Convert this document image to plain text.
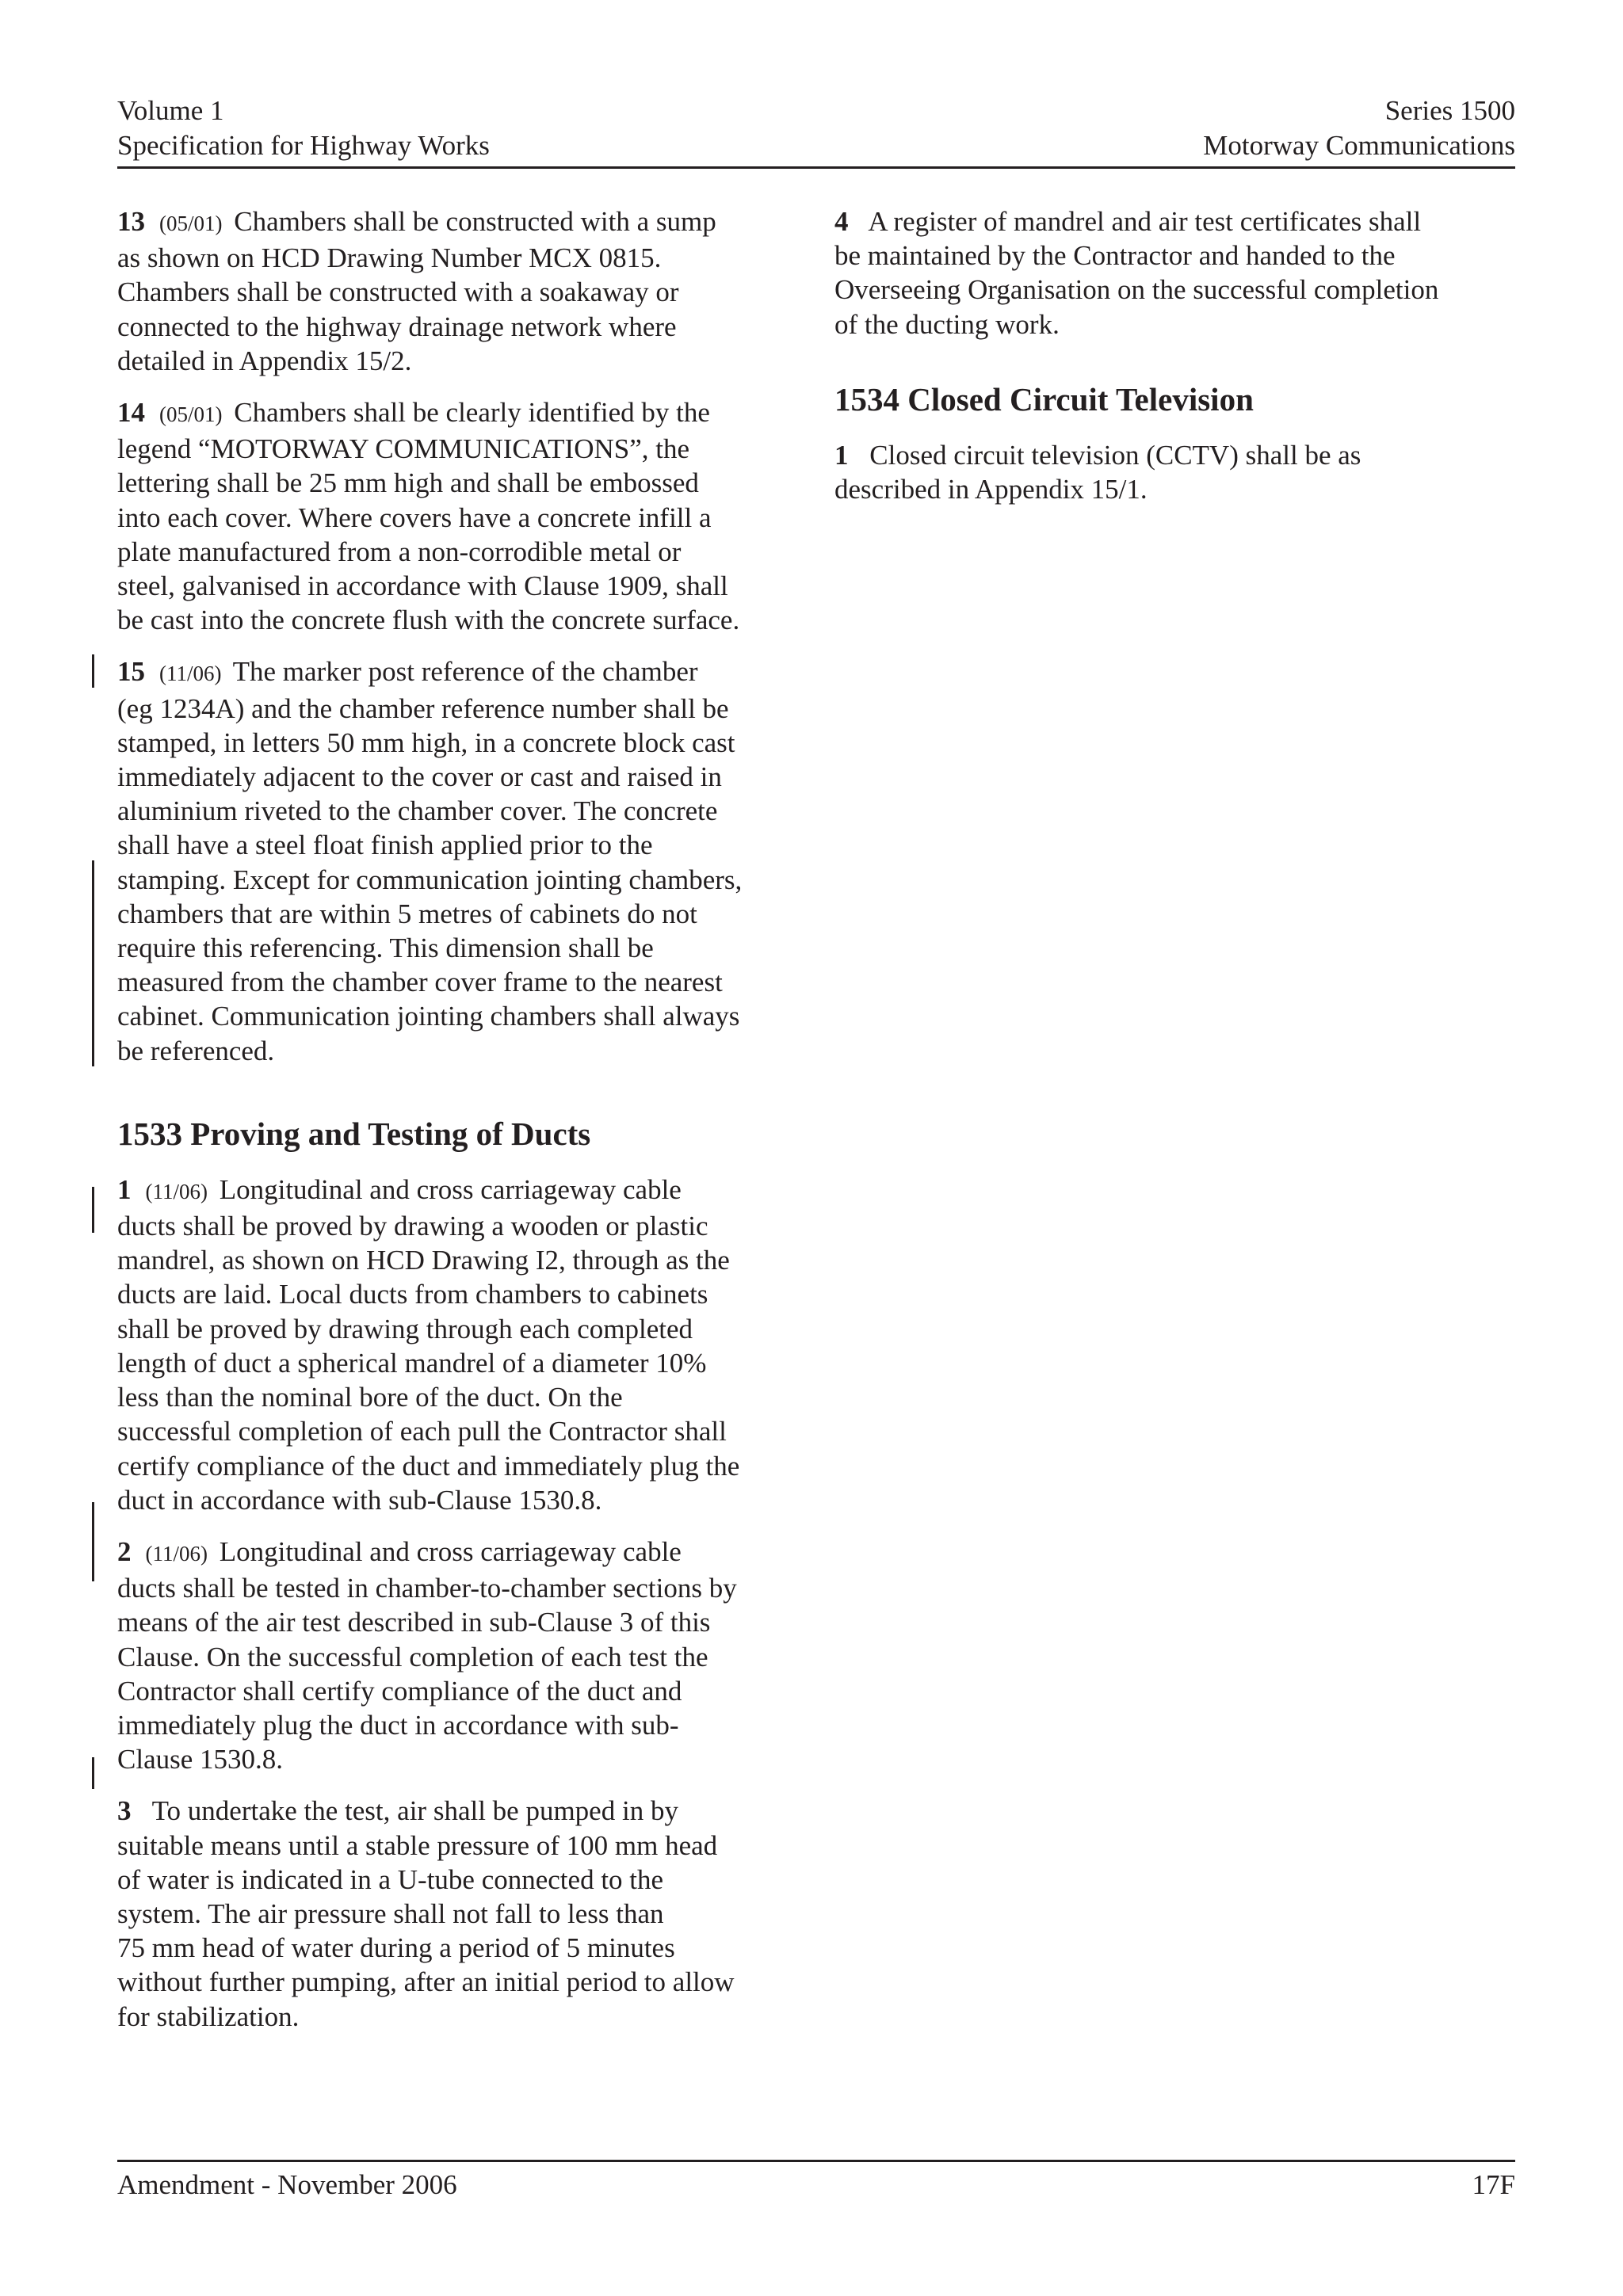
Volume 1
Specification for Highway Works
Series 1500
Motorway Communications
13 (05/01) Chambers shall be constructed with a sump
as shown on HCD Drawing Number MCX 0815.
Chambers shall be constructed with a soakaway or
connected to the highway drainage network where
detailed in Appendix 15/2.
14 (05/01) Chambers shall be clearly identified by the
legend “MOTORWAY COMMUNICATIONS”, the
lettering shall be 25 mm high and shall be embossed
into each cover. Where covers have a concrete infill a
plate manufactured from a non-corrodible metal or
steel, galvanised in accordance with Clause 1909, shall
be cast into the concrete flush with the concrete surface.
15 (11/06) The marker post reference of the chamber
(eg 1234A) and the chamber reference number shall be
stamped, in letters 50 mm high, in a concrete block cast
immediately adjacent to the cover or cast and raised in
aluminium riveted to the chamber cover. The concrete
shall have a steel float finish applied prior to the
stamping. Except for communication jointing chambers,
chambers that are within 5 metres of cabinets do not
require this referencing. This dimension shall be
measured from the chamber cover frame to the nearest
cabinet. Communication jointing chambers shall always
be referenced.
1533 Proving and Testing of Ducts
1 (11/06) Longitudinal and cross carriageway cable
ducts shall be proved by drawing a wooden or plastic
mandrel, as shown on HCD Drawing I2, through as the
ducts are laid. Local ducts from chambers to cabinets
shall be proved by drawing through each completed
length of duct a spherical mandrel of a diameter 10%
less than the nominal bore of the duct. On the
successful completion of each pull the Contractor shall
certify compliance of the duct and immediately plug the
duct in accordance with sub-Clause 1530.8.
2 (11/06) Longitudinal and cross carriageway cable
ducts shall be tested in chamber-to-chamber sections by
means of the air test described in sub-Clause 3 of this
Clause. On the successful completion of each test the
Contractor shall certify compliance of the duct and
immediately plug the duct in accordance with sub-
Clause 1530.8.
3 To undertake the test, air shall be pumped in by
suitable means until a stable pressure of 100 mm head
of water is indicated in a U-tube connected to the
system. The air pressure shall not fall to less than
75 mm head of water during a period of 5 minutes
without further pumping, after an initial period to allow
for stabilization.
4 A register of mandrel and air test certificates shall
be maintained by the Contractor and handed to the
Overseeing Organisation on the successful completion
of the ducting work.
1534 Closed Circuit Television
1 Closed circuit television (CCTV) shall be as
described in Appendix 15/1.
Amendment - November 2006	17F
